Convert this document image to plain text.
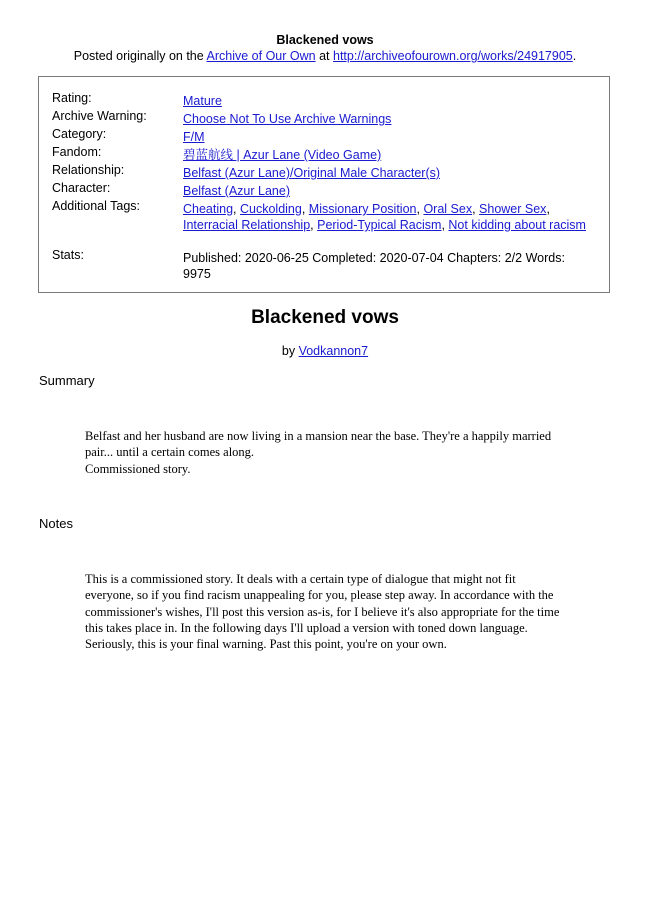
Blackened vows
Posted originally on the Archive of Our Own at http://archiveofourown.org/works/24917905.
Rating:	Mature
Archive Warning:	Choose Not To Use Archive Warnings
Category:	F/M
Fandom:	碧蓝航线 | Azur Lane (Video Game)
Relationship:	Belfast (Azur Lane)/Original Male Character(s)
Character:	Belfast (Azur Lane)
Additional Tags:	Cheating, Cuckolding, Missionary Position, Oral Sex, Shower Sex, Interracial Relationship, Period-Typical Racism, Not kidding about racism
Stats:	Published: 2020-06-25 Completed: 2020-07-04 Chapters: 2/2 Words: 9975
Blackened vows
by Vodkannon7
Summary

Belfast and her husband are now living in a mansion near the base. They're a happily married pair... until a certain comes along.

Commissioned story.

Notes

This is a commissioned story. It deals with a certain type of dialogue that might not fit everyone, so if you find racism unappealing for you, please step away. In accordance with the commissioner's wishes, I'll post this version as-is, for I believe it's also appropriate for the time this takes place in. In the following days I'll upload a version with toned down language. Seriously, this is your final warning. Past this point, you're on your own.
